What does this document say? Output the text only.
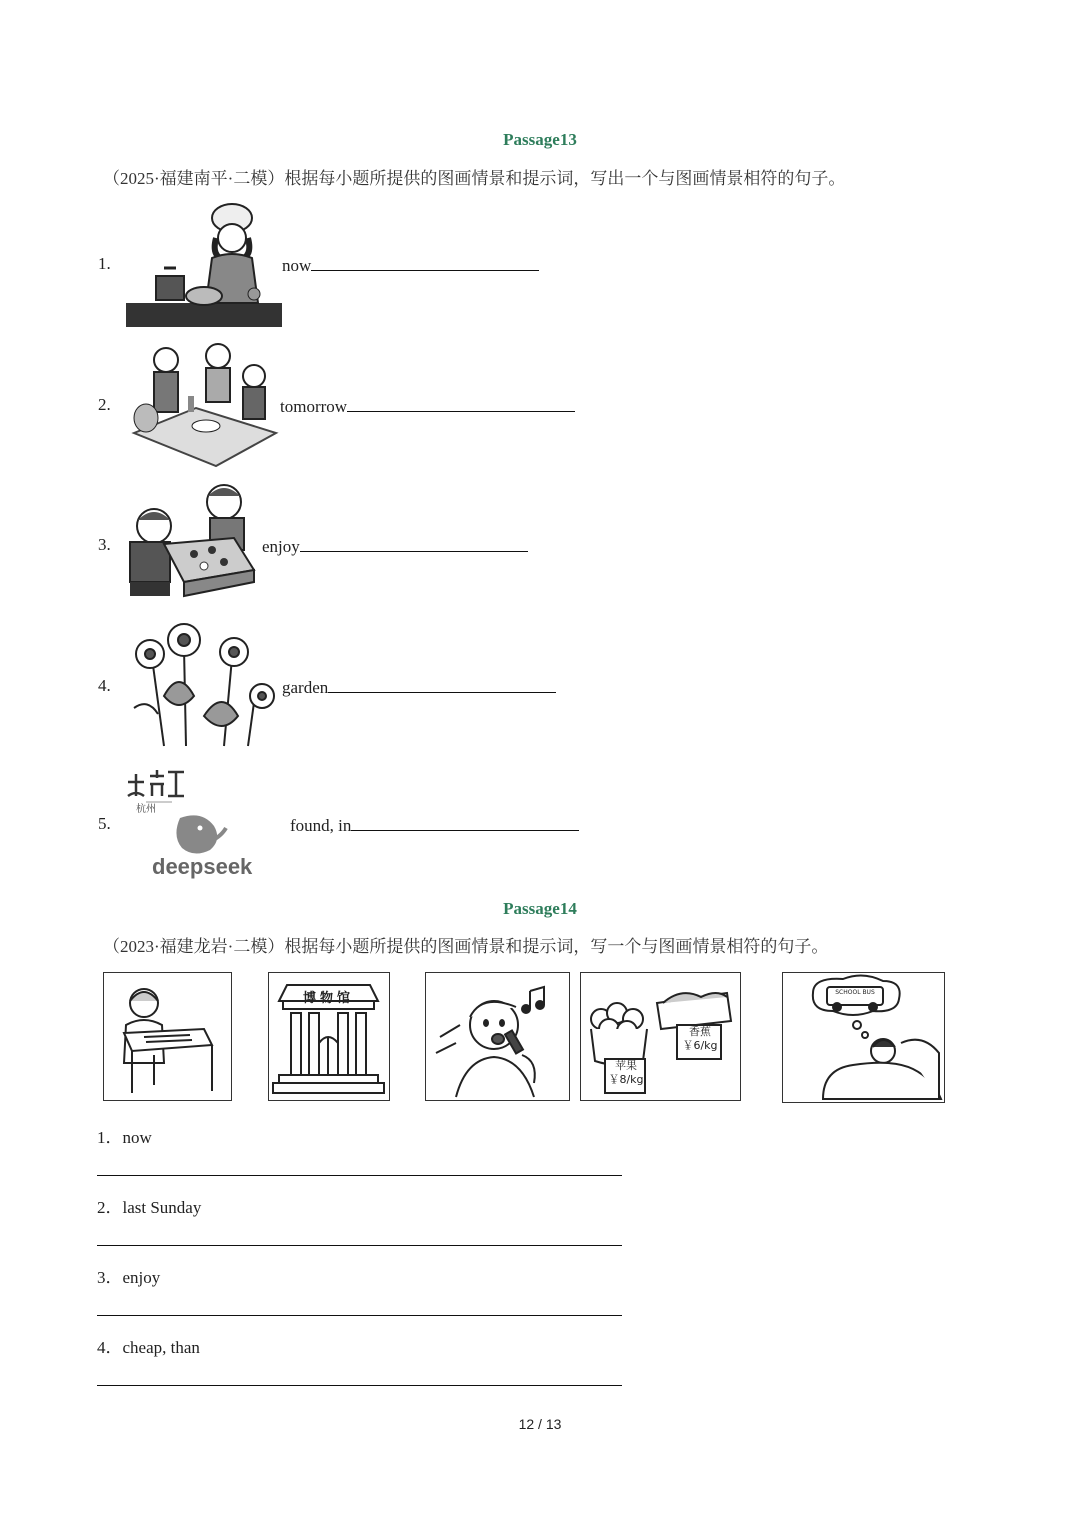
Passage13
（2025·福建南平·二模）根据每小题所提供的图画情景和提示词，写出一个与图画情景相符的句子。
1.	now
2.	tomorrow
3.	enjoy
4.	garden
5.
杭州
deepseek
found, in
Passage14
（2023·福建龙岩·二模）根据每小题所提供的图画情景和提示词，写一个与图画情景相符的句子。
博物馆
苹果
￥8/kg
香蕉
￥6/kg
SCHOOL BUS
1．now
2．last Sunday
3．enjoy
4．cheap, than
12 / 13
